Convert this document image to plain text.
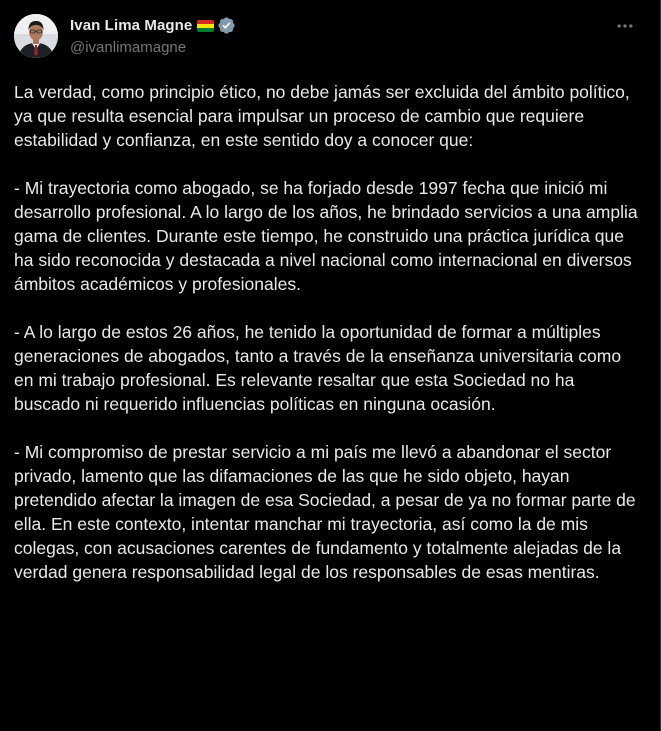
Ivan Lima Magne
@ivanlimamagne

La verdad, como principio ético, no debe jamás ser excluida del ámbito político, ya que resulta esencial para impulsar un proceso de cambio que requiere estabilidad y confianza, en este sentido doy a conocer que:

- Mi trayectoria como abogado, se ha forjado desde 1997 fecha que inició mi desarrollo profesional. A lo largo de los años, he brindado servicios a una amplia gama de clientes. Durante este tiempo, he construido una práctica jurídica que ha sido reconocida y destacada a nivel nacional como internacional en diversos ámbitos académicos y profesionales.

- A lo largo de estos 26 años, he tenido la oportunidad de formar a múltiples generaciones de abogados, tanto a través de la enseñanza universitaria como en mi trabajo profesional. Es relevante resaltar que esta Sociedad no ha buscado ni requerido influencias políticas en ninguna ocasión.

- Mi compromiso de prestar servicio a mi país me llevó a abandonar el sector privado, lamento que las difamaciones de las que he sido objeto, hayan pretendido afectar la imagen de esa Sociedad, a pesar de ya no formar parte de ella. En este contexto, intentar manchar mi trayectoria, así como la de mis colegas, con acusaciones carentes de fundamento y totalmente alejadas de la verdad genera responsabilidad legal de los responsables de esas mentiras.
